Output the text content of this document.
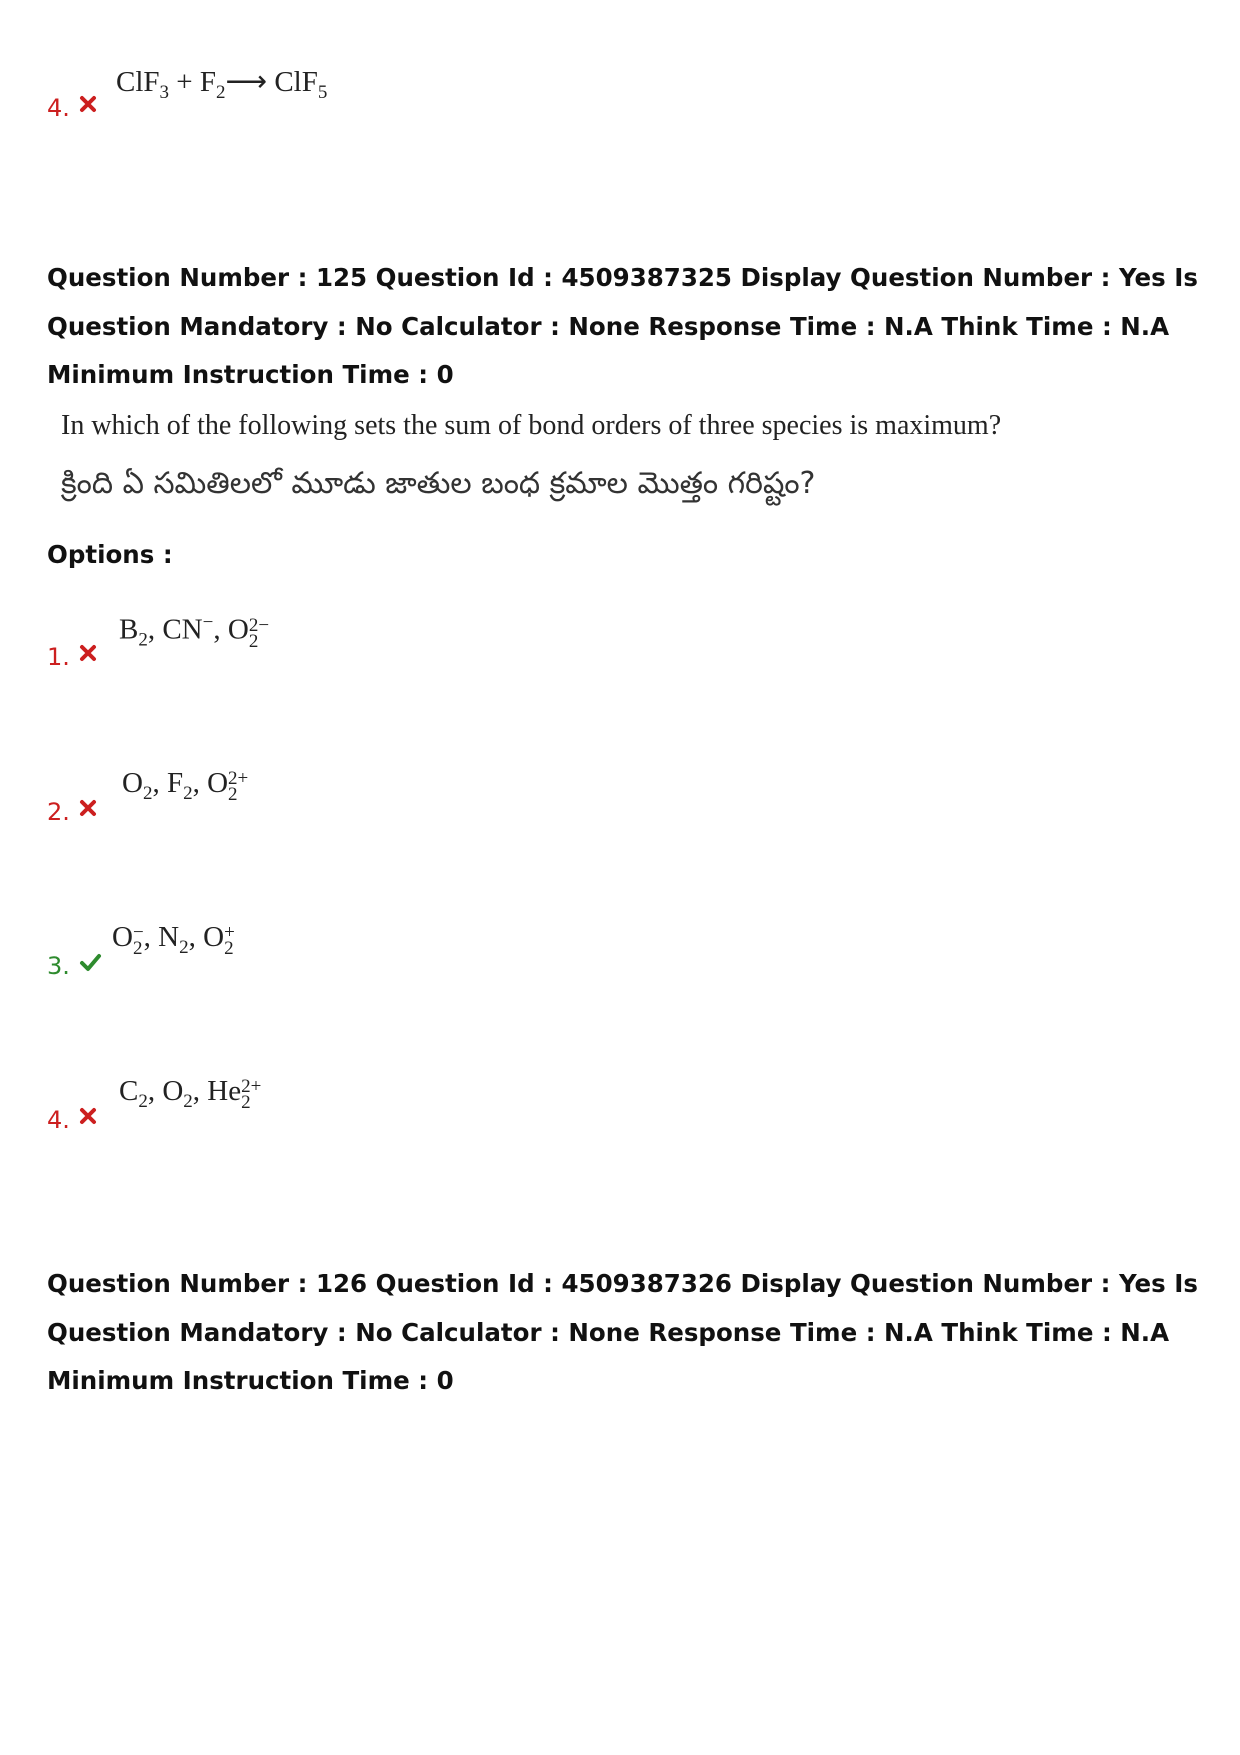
$ClF_3 + F_2⟶$ ClF$_5$
4.
Question Number : 125 Question Id : 4509387325 Display Question Number : Yes Is Question Mandatory : No Calculator : None Response Time : N.A Think Time : N.A Minimum Instruction Time : 0
In which of the following sets the sum of bond orders of three species is maximum?
క్రింది ఏ సమితిలలో మూడు జాతుల బంధ క్రమాల మొత్తం గరిష్టం?
Options :
$B_2$, CN−, O 2−
2
1.
$O_2$, $F_2$, O 2+
2
2.
O −
2 , $N_2$, O +
2
3.
$C_2$, $O_2$, He 2+
2
4.
Question Number : 126 Question Id : 4509387326 Display Question Number : Yes Is Question Mandatory : No Calculator : None Response Time : N.A Think Time : N.A Minimum Instruction Time : 0
